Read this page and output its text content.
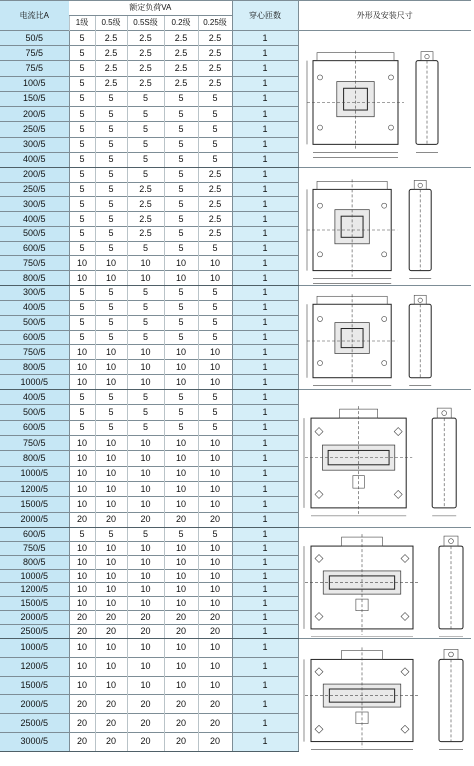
电流比A	额定负荷VA					穿心匝数	外形及安装尺寸
	1级	0.5级	0.5S级	0.2级	0.25级		
50/5	5	2.5	2.5	2.5	2.5	1	

75/5	5	2.5	2.5	2.5	2.5	1	
75/5	5	2.5	2.5	2.5	2.5	1	
100/5	5	2.5	2.5	2.5	2.5	1	
150/5	5	5	5	5	5	1	
200/5	5	5	5	5	5	1	
250/5	5	5	5	5	5	1	
300/5	5	5	5	5	5	1	
400/5	5	5	5	5	5	1	
200/5	5	5	5	5	2.5	1	

250/5	5	5	2.5	5	2.5	1	
300/5	5	5	2.5	5	2.5	1	
400/5	5	5	2.5	5	2.5	1	
500/5	5	5	2.5	5	2.5	1	
600/5	5	5	5	5	5	1	
750/5	10	10	10	10	10	1	
800/5	10	10	10	10	10	1	
300/5	5	5	5	5	5	1	

400/5	5	5	5	5	5	1	
500/5	5	5	5	5	5	1	
600/5	5	5	5	5	5	1	
750/5	10	10	10	10	10	1	
800/5	10	10	10	10	10	1	
1000/5	10	10	10	10	10	1	
400/5	5	5	5	5	5	1	

500/5	5	5	5	5	5	1	
600/5	5	5	5	5	5	1	
750/5	10	10	10	10	10	1	
800/5	10	10	10	10	10	1	
1000/5	10	10	10	10	10	1	
1200/5	10	10	10	10	10	1	
1500/5	10	10	10	10	10	1	
2000/5	20	20	20	20	20	1	
600/5	5	5	5	5	5	1	

750/5	10	10	10	10	10	1	
800/5	10	10	10	10	10	1	
1000/5	10	10	10	10	10	1	
1200/5	10	10	10	10	10	1	
1500/5	10	10	10	10	10	1	
2000/5	20	20	20	20	20	1	
2500/5	20	20	20	20	20	1	
1000/5	10	10	10	10	10	1	

1200/5	10	10	10	10	10	1	
1500/5	10	10	10	10	10	1	
2000/5	20	20	20	20	20	1	
2500/5	20	20	20	20	20	1	
3000/5	20	20	20	20	20	1	
